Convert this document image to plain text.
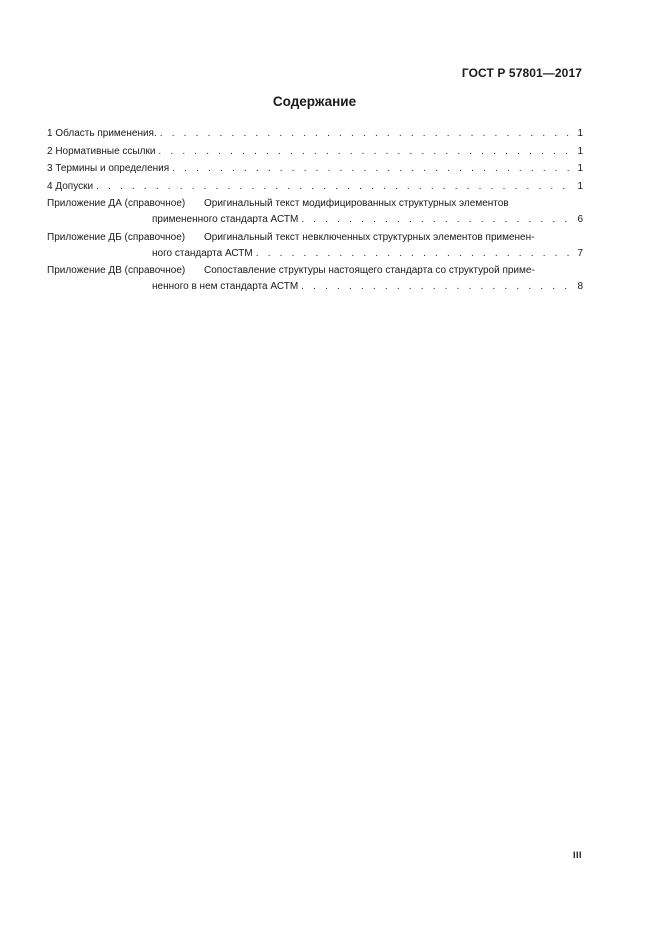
ГОСТ Р 57801—2017
Содержание
1 Область применения. . . .	1
2 Нормативные ссылки . . .	1
3 Термины и определения . . .	1
4 Допуски . . .	1
Приложение ДА (справочное)	Оригинальный текст модифицированных структурных элементов
примененного стандарта АСТМ . . .	6
Приложение ДБ (справочное)	Оригинальный текст невключенных структурных элементов применен-
ного стандарта АСТМ . . .	7
Приложение ДВ (справочное)	Сопоставление структуры настоящего стандарта со структурой приме-
ненного в нем стандарта АСТМ . . .	8
III
